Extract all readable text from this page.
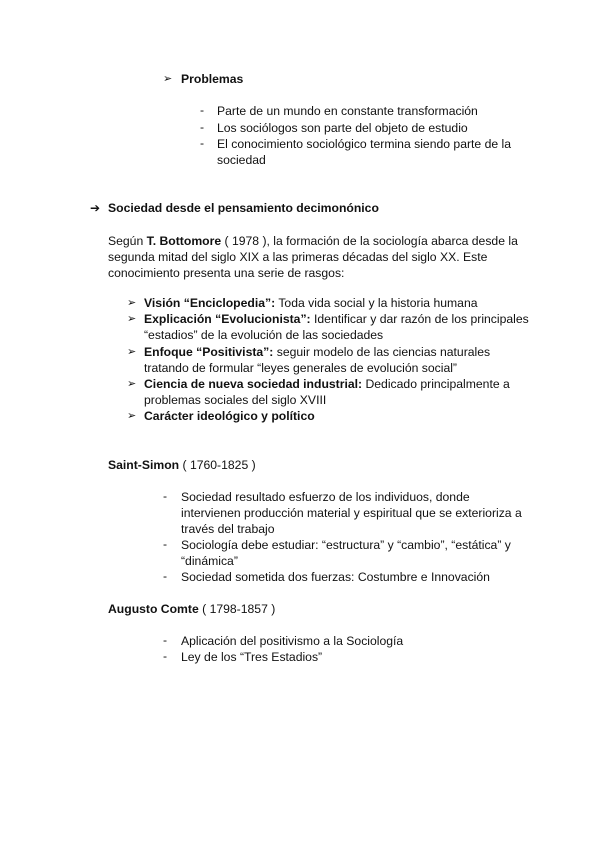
➢ Problemas
- Parte de un mundo en constante transformación
- Los sociólogos son parte del objeto de estudio
- El conocimiento sociológico termina siendo parte de la
sociedad
➔ Sociedad desde el pensamiento decimonónico
Según T. Bottomore ( 1978 ), la formación de la sociología abarca desde la
segunda mitad del siglo XIX a las primeras décadas del siglo XX. Este
conocimiento presenta una serie de rasgos:
➢ Visión “Enciclopedia”: Toda vida social y la historia humana
➢ Explicación “Evolucionista”: Identificar y dar razón de los principales
“estadios” de la evolución de las sociedades
➢ Enfoque “Positivista”: seguir modelo de las ciencias naturales
tratando de formular “leyes generales de evolución social”
➢ Ciencia de nueva sociedad industrial: Dedicado principalmente a
problemas sociales del siglo XVIII
➢ Carácter ideológico y político
Saint-Simon ( 1760-1825 )
- Sociedad resultado esfuerzo de los individuos, donde
intervienen producción material y espiritual que se exterioriza a
través del trabajo
- Sociología debe estudiar: “estructura” y “cambio”, “estática” y
“dinámica”
- Sociedad sometida dos fuerzas: Costumbre e Innovación
Augusto Comte ( 1798-1857 )
- Aplicación del positivismo a la Sociología
- Ley de los “Tres Estadios”
